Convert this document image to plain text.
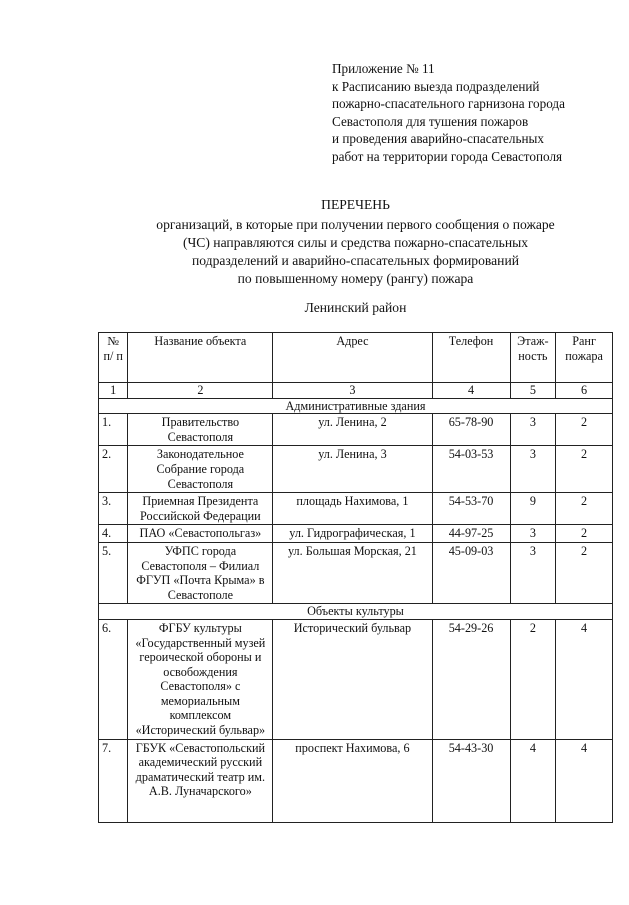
Приложение № 11
к Расписанию выезда подразделений
пожарно-спасательного гарнизона города
Севастополя для тушения пожаров
и проведения аварийно-спасательных
работ на территории города Севастополя
ПЕРЕЧЕНЬ
организаций, в которые при получении первого сообщения о пожаре
(ЧС) направляются силы и средства пожарно-спасательных
подразделений и аварийно-спасательных формирований
по повышенному номеру (рангу) пожара
Ленинский район
№ п/ п	Название объекта	Адрес	Телефон	Этаж-ность	Ранг пожара
1	2	3	4	5	6
Административные здания					
1.	Правительство Севастополя	ул. Ленина, 2	65-78-90	3	2
2.	Законодательное Собрание города Севастополя	ул. Ленина, 3	54-03-53	3	2
3.	Приемная Президента Российской Федерации	площадь Нахимова, 1	54-53-70	9	2
4.	ПАО «Севастопольгаз»	ул. Гидрографическая, 1	44-97-25	3	2
5.	УФПС города Севастополя – Филиал ФГУП «Почта Крыма» в Севастополе	ул. Большая Морская, 21	45-09-03	3	2
Объекты культуры					
6.	ФГБУ культуры «Государственный музей героической обороны и освобождения Севастополя» с мемориальным комплексом «Исторический бульвар»	Исторический бульвар	54-29-26	2	4
7.	ГБУК «Севастопольский академический русский драматический театр им. А.В. Луначарского»	проспект Нахимова, 6	54-43-30	4	4
